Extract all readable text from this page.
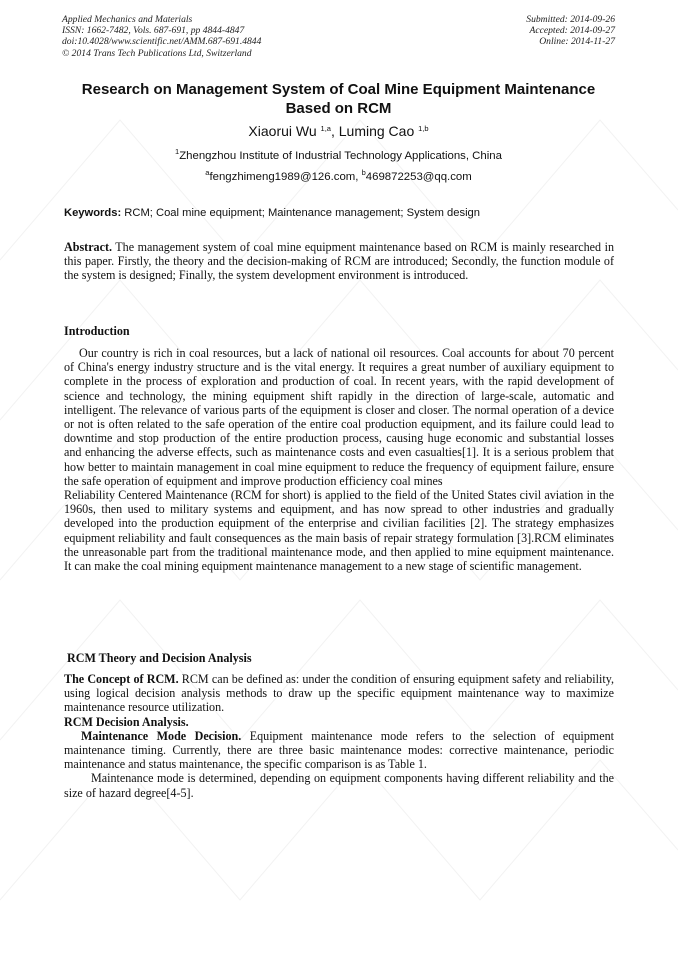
Applied Mechanics and Materials
ISSN: 1662-7482, Vols. 687-691, pp 4844-4847
doi:10.4028/www.scientific.net/AMM.687-691.4844
© 2014 Trans Tech Publications Ltd, Switzerland
Submitted: 2014-09-26
Accepted: 2014-09-27
Online: 2014-11-27
Research on Management System of Coal Mine Equipment Maintenance Based on RCM
Xiaorui Wu $^{1,a}$, Luming Cao $^{1,b}$
$^1$Zhengzhou Institute of Industrial Technology Applications, China
$^a$fengzhimeng1989@126.com, $^b$469872253@qq.com
Keywords: RCM; Coal mine equipment; Maintenance management; System design

Abstract. The management system of coal mine equipment maintenance based on RCM is mainly researched in this paper. Firstly, the theory and the decision-making of RCM are introduced; Secondly, the function module of the system is designed; Finally, the system development environment is introduced.

Introduction

Our country is rich in coal resources, but a lack of national oil resources. Coal accounts for about 70 percent of China's energy industry structure and is the vital energy. It requires a great number of auxiliary equipment to complete in the process of exploration and production of coal. In recent years, with the rapid development of science and technology, the mining equipment shift rapidly in the direction of large-scale, automatic and intelligent. The relevance of various parts of the equipment is closer and closer. The normal operation of a device or not is often related to the safe operation of the entire coal production equipment, and its failure could lead to downtime and stop production of the entire production process, causing huge economic and substantial losses and enhancing the adverse effects, such as maintenance costs and even casualties[1]. It is a serious problem that how better to maintain management in coal mine equipment to reduce the frequency of equipment failure, ensure the safe operation of equipment and improve production efficiency coal mines

Reliability Centered Maintenance (RCM for short) is applied to the field of the United States civil aviation in the 1960s, then used to military systems and equipment, and has now spread to other industries and gradually developed into the production equipment of the enterprise and civilian facilities [2]. The strategy emphasizes equipment reliability and fault consequences as the main basis of repair strategy formulation [3].RCM eliminates the unreasonable part from the traditional maintenance mode, and then applied to mine equipment maintenance. It can make the coal mining equipment maintenance management to a new stage of scientific management.

RCM Theory and Decision Analysis

The Concept of RCM. RCM can be defined as: under the condition of ensuring equipment safety and reliability, using logical decision analysis methods to draw up the specific equipment maintenance way to maximize maintenance resource utilization.

RCM Decision Analysis.

Maintenance Mode Decision. Equipment maintenance mode refers to the selection of equipment maintenance timing. Currently, there are three basic maintenance modes: corrective maintenance, periodic maintenance and status maintenance, the specific comparison is as Table 1.

Maintenance mode is determined, depending on equipment components having different reliability and the size of hazard degree[4-5].
